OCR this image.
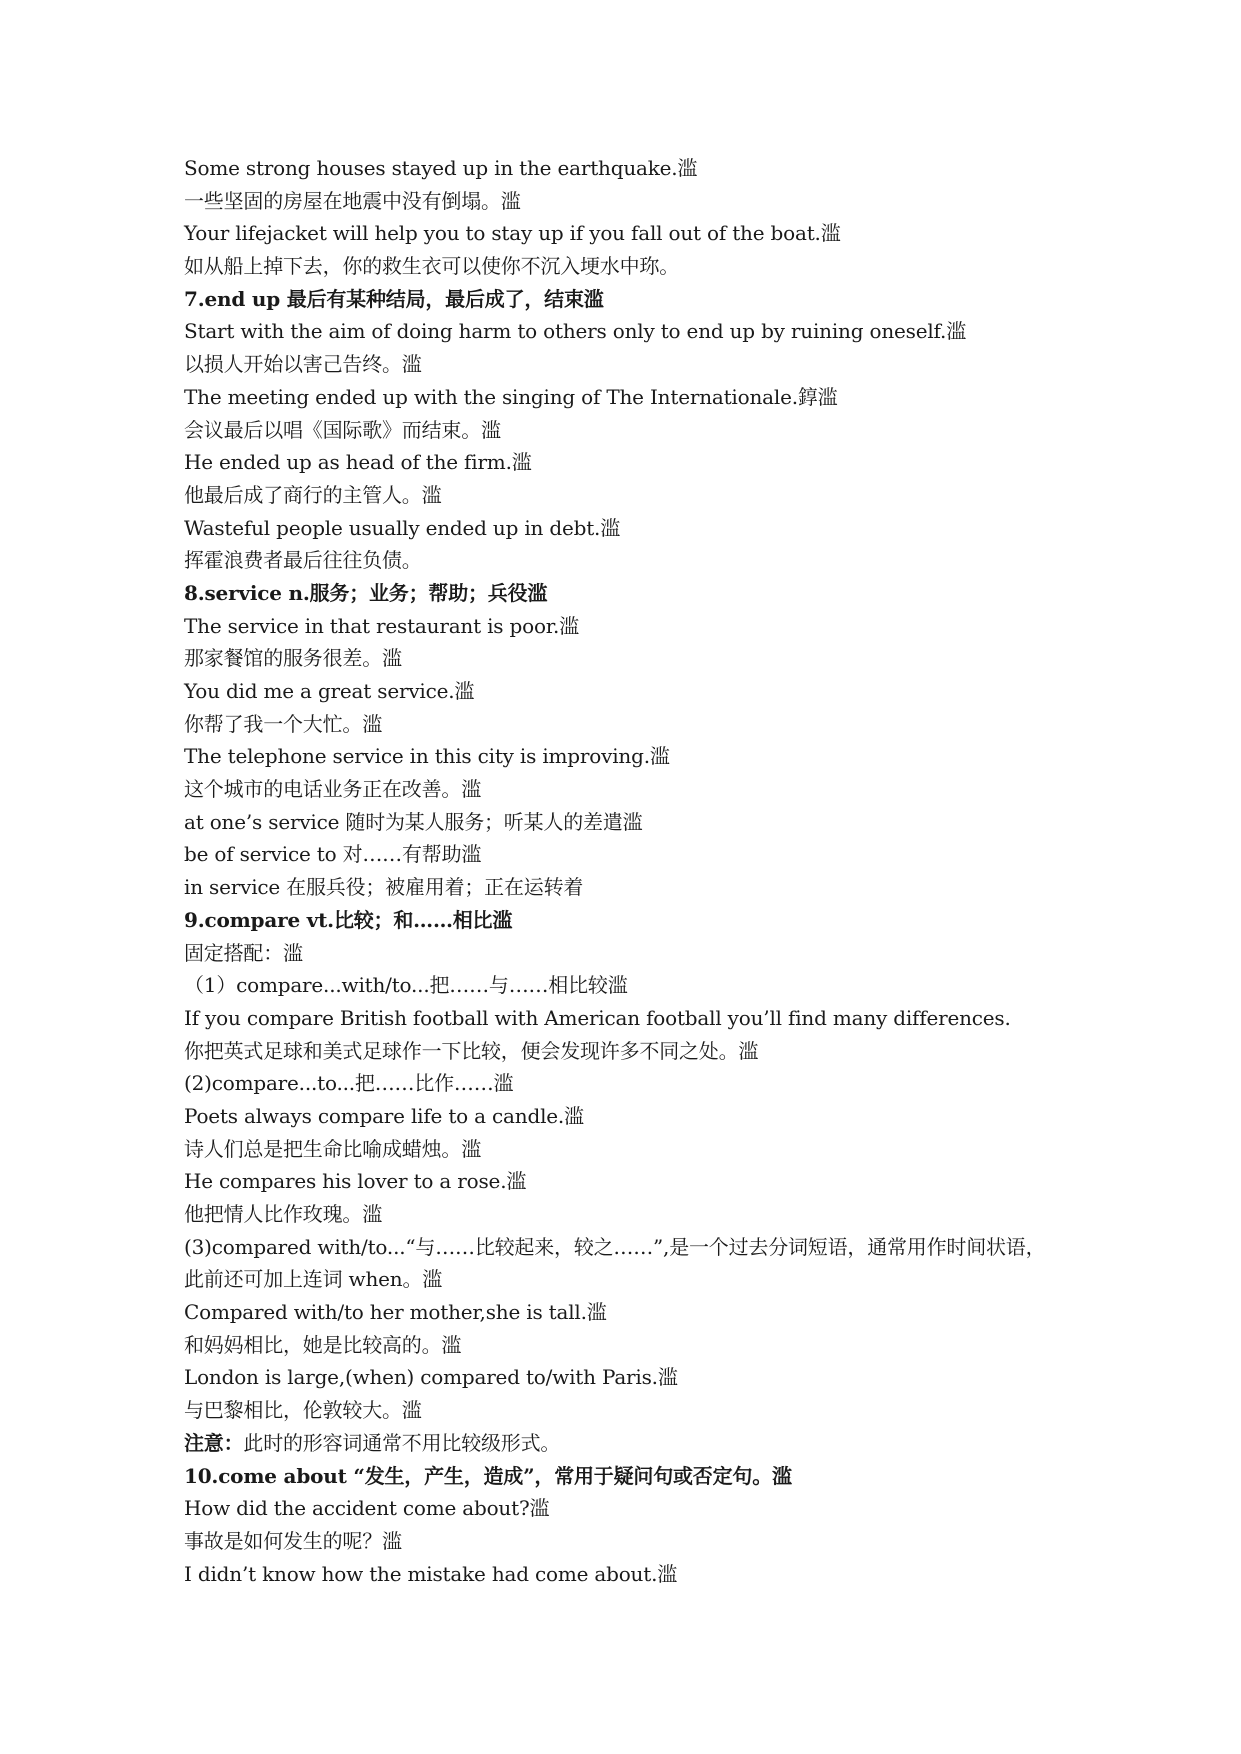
Some strong houses stayed up in the earthquake.滥
一些坚固的房屋在地震中没有倒塌。滥
Your lifejacket will help you to stay up if you fall out of the boat.滥
如从船上掉下去，你的救生衣可以使你不沉入埂水中珎。
7.end up 最后有某种结局，最后成了，结束滥
Start with the aim of doing harm to others only to end up by ruining oneself.滥
以损人开始以害己告终。滥
The meeting ended up with the singing of The Internationale.錞滥
会议最后以唱《国际歌》而结束。滥
He ended up as head of the firm.滥
他最后成了商行的主管人。滥
Wasteful people usually ended up in debt.滥
挥霍浪费者最后往往负债。
8.service n.服务；业务；帮助；兵役滥
The service in that restaurant is poor.滥
那家餐馆的服务很差。滥
You did me a great service.滥
你帮了我一个大忙。滥
The telephone service in this city is improving.滥
这个城市的电话业务正在改善。滥
at one’s service 随时为某人服务；听某人的差遣滥
be of service to 对……有帮助滥
in service 在服兵役；被雇用着；正在运转着
9.compare vt.比较；和……相比滥
固定搭配：滥
（1）compare...with/to...把……与……相比较滥
If you compare British football with American football you’ll find many differences.
你把英式足球和美式足球作一下比较，便会发现许多不同之处。滥
(2)compare...to...把……比作……滥
Poets always compare life to a candle.滥
诗人们总是把生命比喻成蜡烛。滥
He compares his lover to a rose.滥
他把情人比作玫瑰。滥
(3)compared with/to...“与……比较起来，较之……”,是一个过去分词短语，通常用作时间状语，
此前还可加上连词 when。滥
Compared with/to her mother,she is tall.滥
和妈妈相比，她是比较高的。滥
London is large,(when) compared to/with Paris.滥
与巴黎相比，伦敦较大。滥
注意：此时的形容词通常不用比较级形式。
10.come about “发生，产生，造成”，常用于疑问句或否定句。滥
How did the accident come about?滥
事故是如何发生的呢？滥
I didn’t know how the mistake had come about.滥
